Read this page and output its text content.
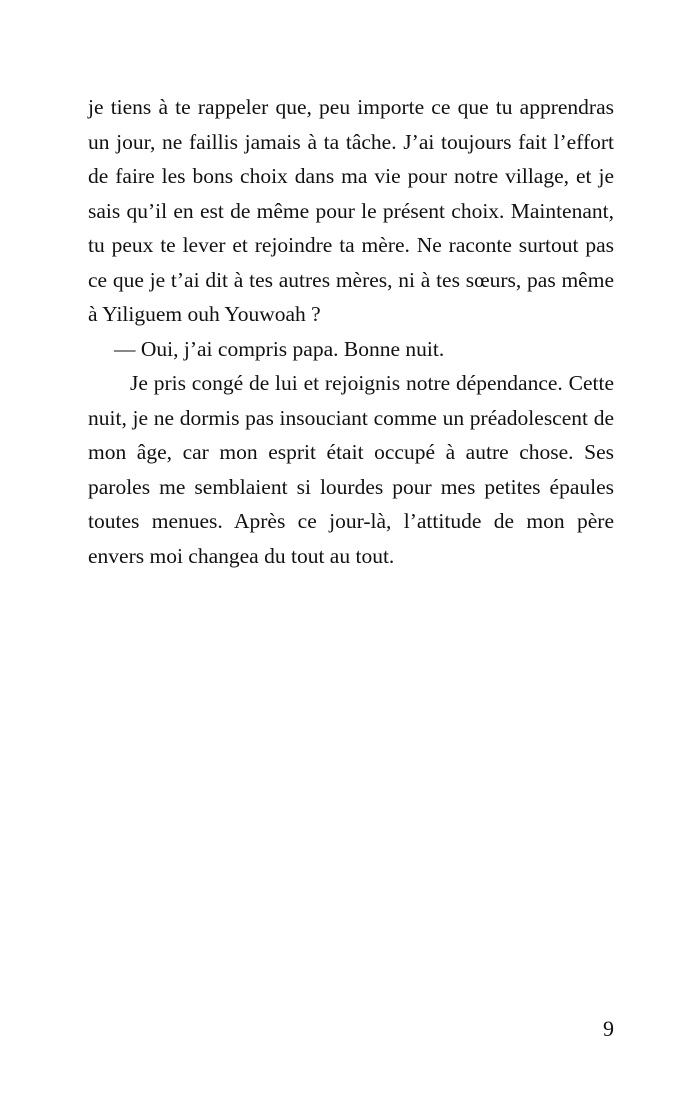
je tiens à te rappeler que, peu importe ce que tu apprendras un jour, ne faillis jamais à ta tâche. J’ai toujours fait l’effort de faire les bons choix dans ma vie pour notre village, et je sais qu’il en est de même pour le présent choix. Maintenant, tu peux te lever et rejoindre ta mère. Ne raconte surtout pas ce que je t’ai dit à tes autres mères, ni à tes sœurs, pas même à Yiliguem ouh Youwoah ?

— Oui, j’ai compris papa. Bonne nuit.

Je pris congé de lui et rejoignis notre dépendance. Cette nuit, je ne dormis pas insouciant comme un préadolescent de mon âge, car mon esprit était occupé à autre chose. Ses paroles me semblaient si lourdes pour mes petites épaules toutes menues. Après ce jour-là, l’attitude de mon père envers moi changea du tout au tout.

9
